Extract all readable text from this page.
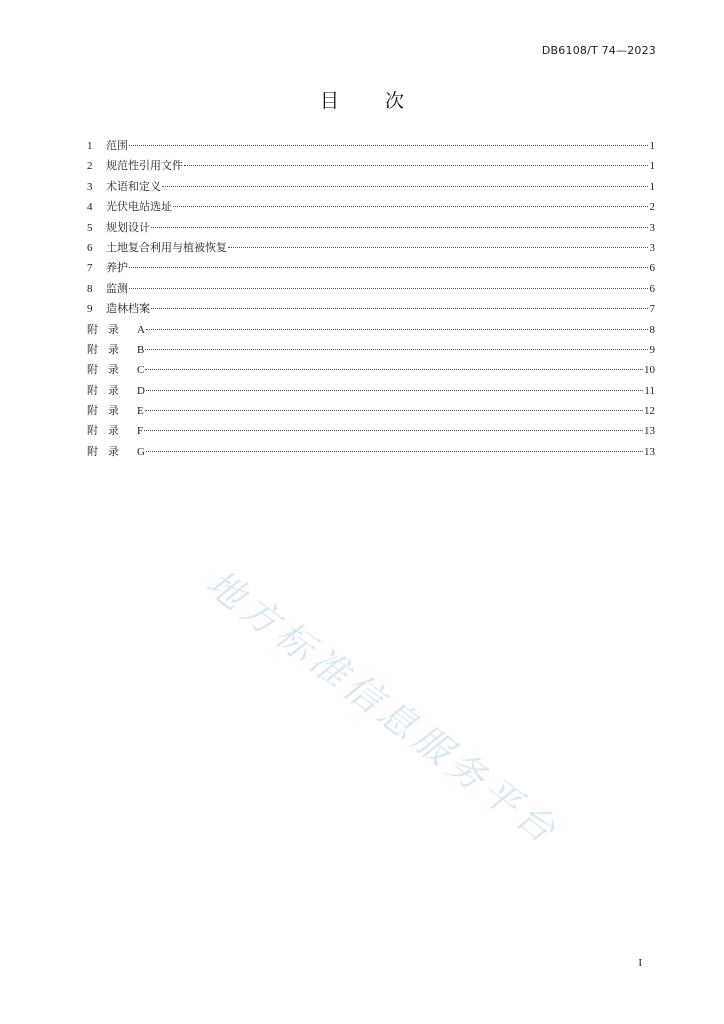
DB6108/T 74—2023
目 次
1	范围	1
2	规范性引用文件	1
3	术语和定义	1
4	光伏电站选址	2
5	规划设计	3
6	土地复合利用与植被恢复	3
7	养护	6
8	监测	6
9	造林档案	7
附录 A	8
附录 B	9
附录 C	10
附录 D	11
附录 E	12
附录 F	13
附录 G	13
地方标准信息服务平台
I
